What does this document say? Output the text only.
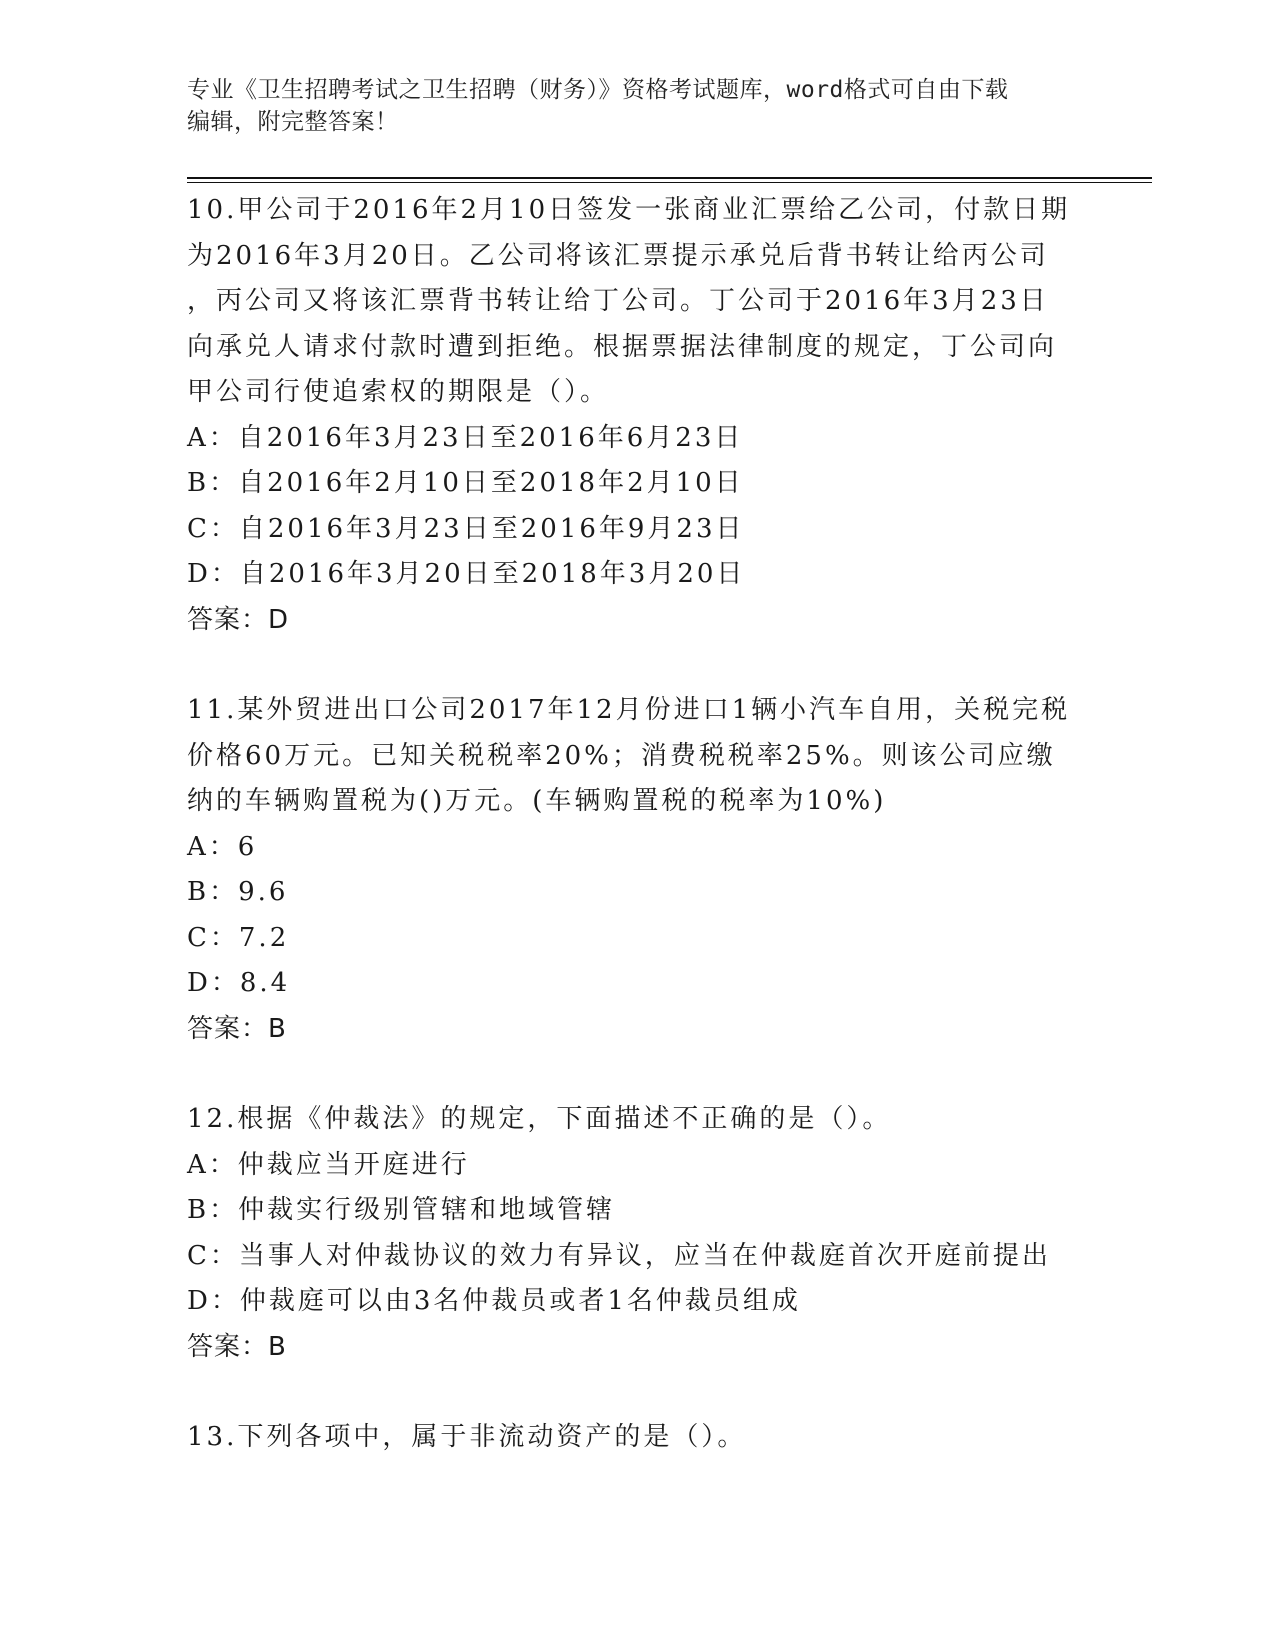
专业《卫生招聘考试之卫生招聘（财务）》资格考试题库，word格式可自由下载
编辑，附完整答案！
10.甲公司于2016年2月10日签发一张商业汇票给乙公司，付款日期
为2016年3月20日。乙公司将该汇票提示承兑后背书转让给丙公司
，丙公司又将该汇票背书转让给丁公司。丁公司于2016年3月23日
向承兑人请求付款时遭到拒绝。根据票据法律制度的规定，丁公司向
甲公司行使追索权的期限是（）。
A：自2016年3月23日至2016年6月23日
B：自2016年2月10日至2018年2月10日
C：自2016年3月23日至2016年9月23日
D：自2016年3月20日至2018年3月20日
答案：D
11.某外贸进出口公司2017年12月份进口1辆小汽车自用，关税完税
价格60万元。已知关税税率20%；消费税税率25%。则该公司应缴
纳的车辆购置税为()万元。(车辆购置税的税率为10%)
A：6
B：9.6
C：7.2
D：8.4
答案：B
12.根据《仲裁法》的规定，下面描述不正确的是（）。
A：仲裁应当开庭进行
B：仲裁实行级别管辖和地域管辖
C：当事人对仲裁协议的效力有异议，应当在仲裁庭首次开庭前提出
D：仲裁庭可以由3名仲裁员或者1名仲裁员组成
答案：B
13.下列各项中，属于非流动资产的是（）。
